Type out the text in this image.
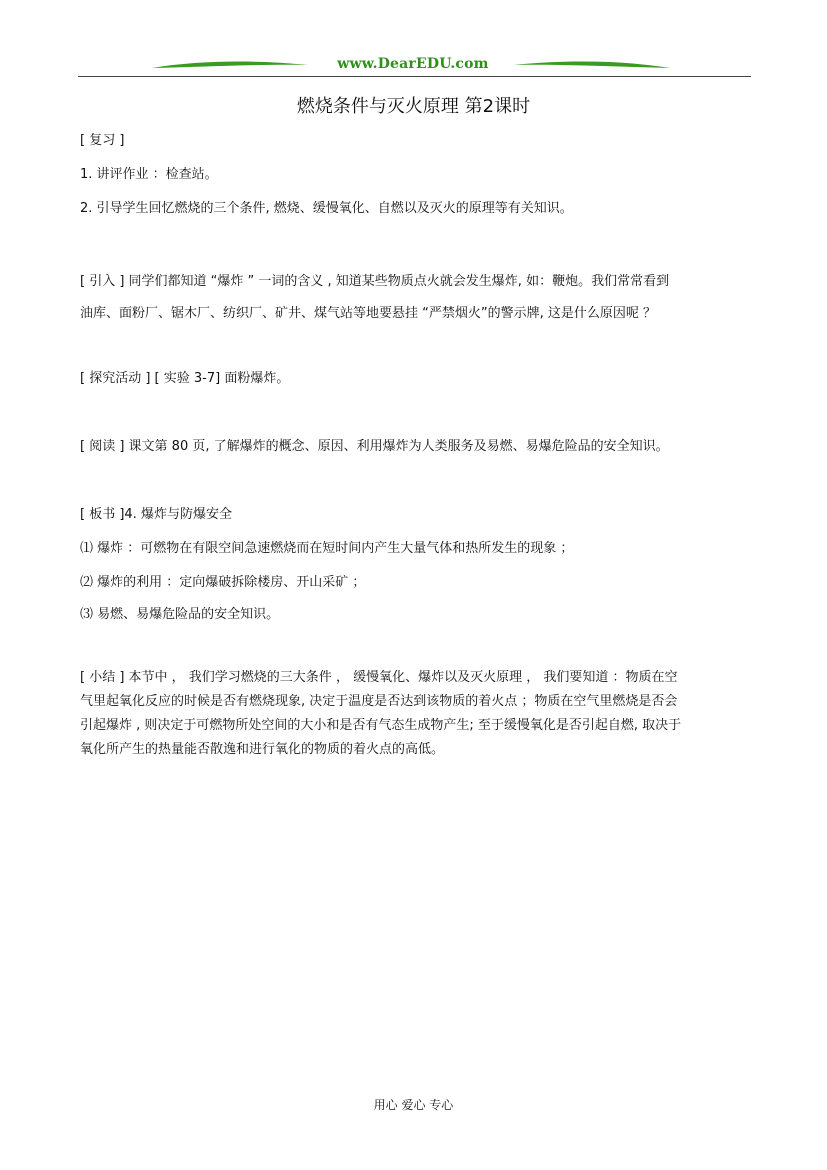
www.DearEDU.com
燃烧条件与灭火原理 第2课时
[ 复习 ]
1. 讲评作业 ：检查站。
2. 引导学生回忆燃烧的三个条件, 燃烧、缓慢氧化、自燃以及灭火的原理等有关知识。
[ 引入 ] 同学们都知道 “爆炸 ” 一词的含义 , 知道某些物质点火就会发生爆炸, 如：鞭炮。我们常常看到
油库、面粉厂、锯木厂、纺织厂、矿井、煤气站等地要悬挂 “严禁烟火”的警示牌, 这是什么原因呢 ？
[ 探究活动 ] [ 实验 3-7] 面粉爆炸。
[ 阅读 ] 课文第 80 页, 了解爆炸的概念、原因、利用爆炸为人类服务及易燃、易爆危险品的安全知识。
[ 板书 ]4. 爆炸与防爆安全
⑴ 爆炸 ：可燃物在有限空间急速燃烧而在短时间内产生大量气体和热所发生的现象 ；
⑵ 爆炸的利用 ：定向爆破拆除楼房、开山采矿 ；
⑶ 易燃、易爆危险品的安全知识。
[ 小结 ] 本节中 ， 我们学习燃烧的三大条件 ， 缓慢氧化、爆炸以及灭火原理 ， 我们要知道 ：物质在空
气里起氧化反应的时候是否有燃烧现象, 决定于温度是否达到该物质的着火点 ；物质在空气里燃烧是否会
引起爆炸 , 则决定于可燃物所处空间的大小和是否有气态生成物产生; 至于缓慢氧化是否引起自燃, 取决于
氧化所产生的热量能否散逸和进行氧化的物质的着火点的高低。
用心 爱心 专心
